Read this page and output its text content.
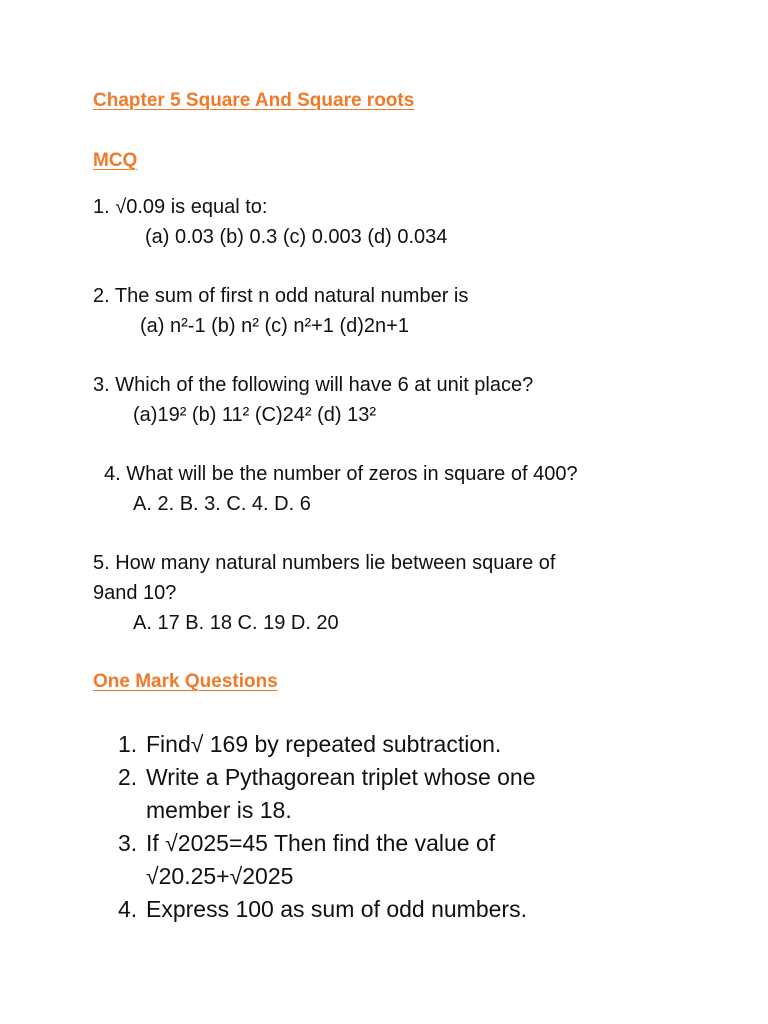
Chapter 5 Square And Square roots
MCQ
1. √0.09 is equal to:
(a) 0.03 (b) 0.3 (c) 0.003 (d) 0.034
2. The sum of first n odd natural number is
(a) n²-1 (b) n² (c) n²+1 (d)2n+1
3. Which of the following will have 6 at unit place?
(a)19² (b) 11² (C)24² (d) 13²
4. What will be the number of zeros in square of 400?
A. 2. B. 3. C. 4. D. 6
5. How many natural numbers lie between square of
9and 10?
A. 17 B. 18 C. 19 D. 20
One Mark Questions
1. Find√ 169 by repeated subtraction.
2. Write a Pythagorean triplet whose one member is 18.
3. If √2025=45 Then find the value of √20.25+√2025
4. Express 100 as sum of odd numbers.
